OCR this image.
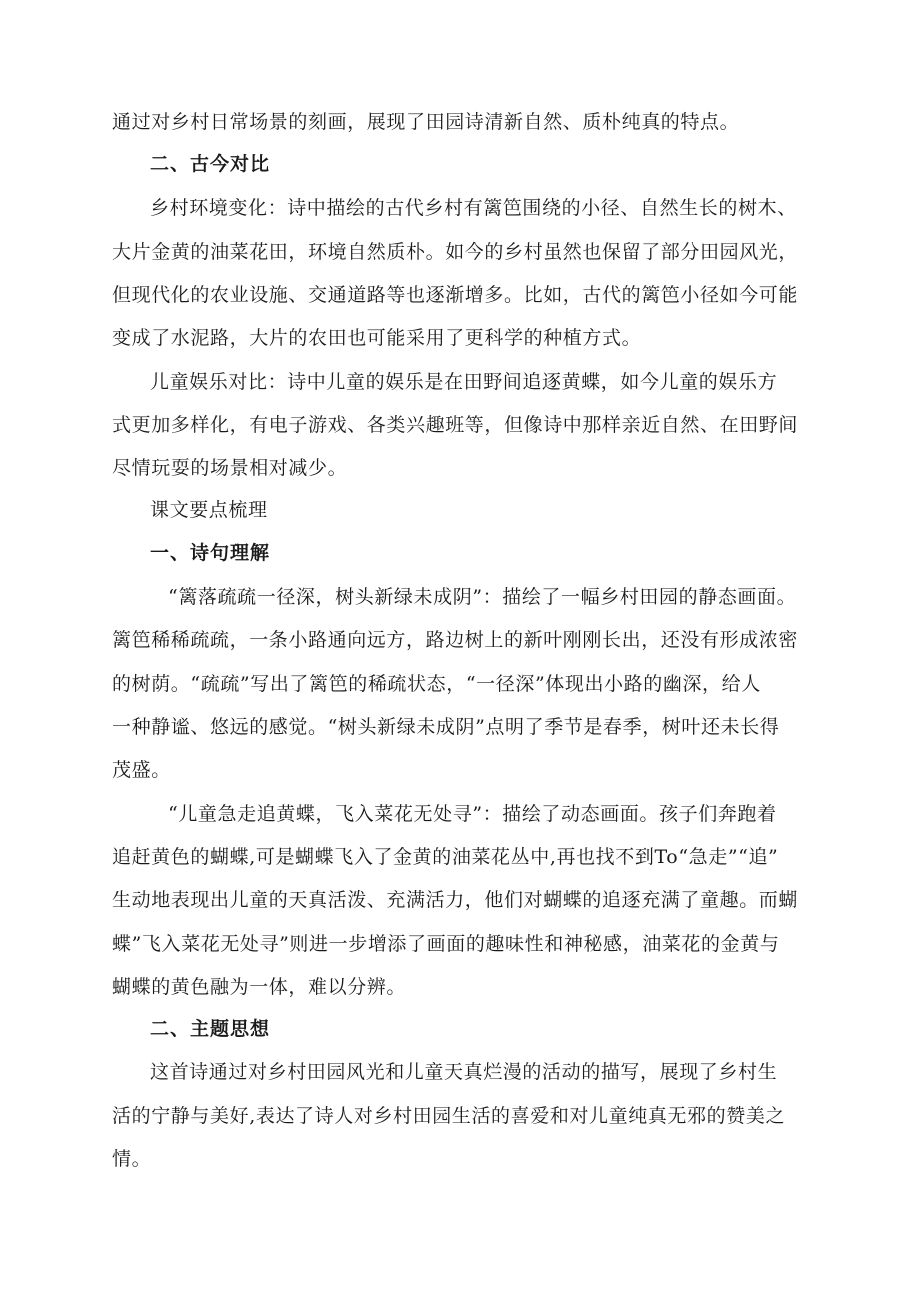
通过对乡村日常场景的刻画，展现了田园诗清新自然、质朴纯真的特点。
二、古今对比
乡村环境变化：诗中描绘的古代乡村有篱笆围绕的小径、自然生长的树木、
大片金黄的油菜花田，环境自然质朴。如今的乡村虽然也保留了部分田园风光，
但现代化的农业设施、交通道路等也逐渐增多。比如，古代的篱笆小径如今可能
变成了水泥路，大片的农田也可能采用了更科学的种植方式。
儿童娱乐对比：诗中儿童的娱乐是在田野间追逐黄蝶，如今儿童的娱乐方
式更加多样化，有电子游戏、各类兴趣班等，但像诗中那样亲近自然、在田野间
尽情玩耍的场景相对减少。
课文要点梳理
一、诗句理解
“篱落疏疏一径深，树头新绿未成阴”：描绘了一幅乡村田园的静态画面。
篱笆稀稀疏疏，一条小路通向远方，路边树上的新叶刚刚长出，还没有形成浓密
的树荫。“疏疏”写出了篱笆的稀疏状态，“一径深”体现出小路的幽深，给人
一种静谧、悠远的感觉。“树头新绿未成阴”点明了季节是春季，树叶还未长得
茂盛。
“儿童急走追黄蝶，飞入菜花无处寻”：描绘了动态画面。孩子们奔跑着
追赶黄色的蝴蝶,可是蝴蝶飞入了金黄的油菜花丛中,再也找不到To“急走”“追”
生动地表现出儿童的天真活泼、充满活力，他们对蝴蝶的追逐充满了童趣。而蝴
蝶”飞入菜花无处寻”则进一步增添了画面的趣味性和神秘感，油菜花的金黄与
蝴蝶的黄色融为一体，难以分辨。
二、主题思想
这首诗通过对乡村田园风光和儿童天真烂漫的活动的描写，展现了乡村生
活的宁静与美好,表达了诗人对乡村田园生活的喜爱和对儿童纯真无邪的赞美之
情。
